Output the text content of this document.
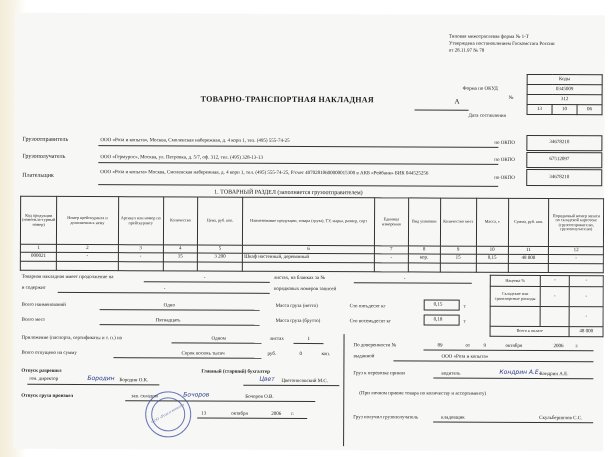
Типовая межотраслевая форма № 1-Т
Утверждена постановлением Госкомстата России
от 28.11.97 № 78
Форма по ОКУД
Коды
0345009
312
13	10	06
№
Дата составления
ТОВАРНО-ТРАНСПОРТНАЯ НАКЛАДНАЯ	А
Грузоотправитель	ООО «Роза и копыта», Москва, Смоленская набережная, д. 4 корп 1, тел. (495) 555-74-25	по ОКПО	34678210
Грузополучатель	ООО «Гермурос», Москва, ул. Петровка, д. 5/7, оф. 312, тел. (495) 328-13-13	по ОКПО	67512097
Плательщик	ООО «Роза и копыта» Москва, Смоленская набережная, д. 4 корп 1, тел. (495) 555-74-25, Р/счет 40702810600000015300 в АКБ «Рейбанк» БИК 044525256
по ОКПО	34678210
1. ТОВАРНЫЙ РАЗДЕЛ (заполняется грузоотправителем)
Код продукции (номенкла-турный номер)	Номер прейскуранта и дополнения к нему	Артикул или номер по прейскуранту	Количество	Цена, руб. коп.	Наименование продукции, товара (груза), ТУ, марка, размер, сорт	Единица измерения	Вид упаковки	Количество мест	Масса, т	Сумма, руб. коп.	Порядковый номер записи по складской картотеке (грузоотправителю, грузополучателю)
1	2	3	4	5	6	7	8	9	10	11	12
000021	-	-	15	3 200	Шкаф настенный, деревянный	-	кор.	15	0,15	48 000	-

Товарная накладная имеет продолжение на	-	листах, на бланках за №	-
и содержит	-	порядковых номеров записей
Всего наименований	Одно	Масса груза (нетто)	Сто пятьдесят кг	0,15	т
Всего мест	Пятнадцать	Масса груза (брутто)	Сто восемьдесят кг	0,18	т
Наценка %	-	-
Складские или транспортные расходы	-	-
		-
Всего к оплате		48 000
Приложение (паспорта, сертификаты и т. п.) на	Одном	листах	1
Всего отпущено на сумму	Сорок восемь тысяч	руб.	0	коп.
Отпуск разрешил
ген. директор	Бородин Бородин О.К.
Главный (старший) бухгалтер
Цвет Цветоносовский М.С.
Отпуск груза произвел	зав. складом	Бочоров	Бочоров О.В.
ООО «Роза и копыта»	13	октября	2006 г.
По доверенности №	89	от	9	октября	2006 г.
выданной	ООО «Роза и копыта»
Груз к перевозке принял	водитель	Кондрин А.Е.
Кондрин А.Е.
(При личном приеме товара по количеству и ассортименту)
Груз получил грузополучатель	кладовщик	Скульберинчов С.С.
